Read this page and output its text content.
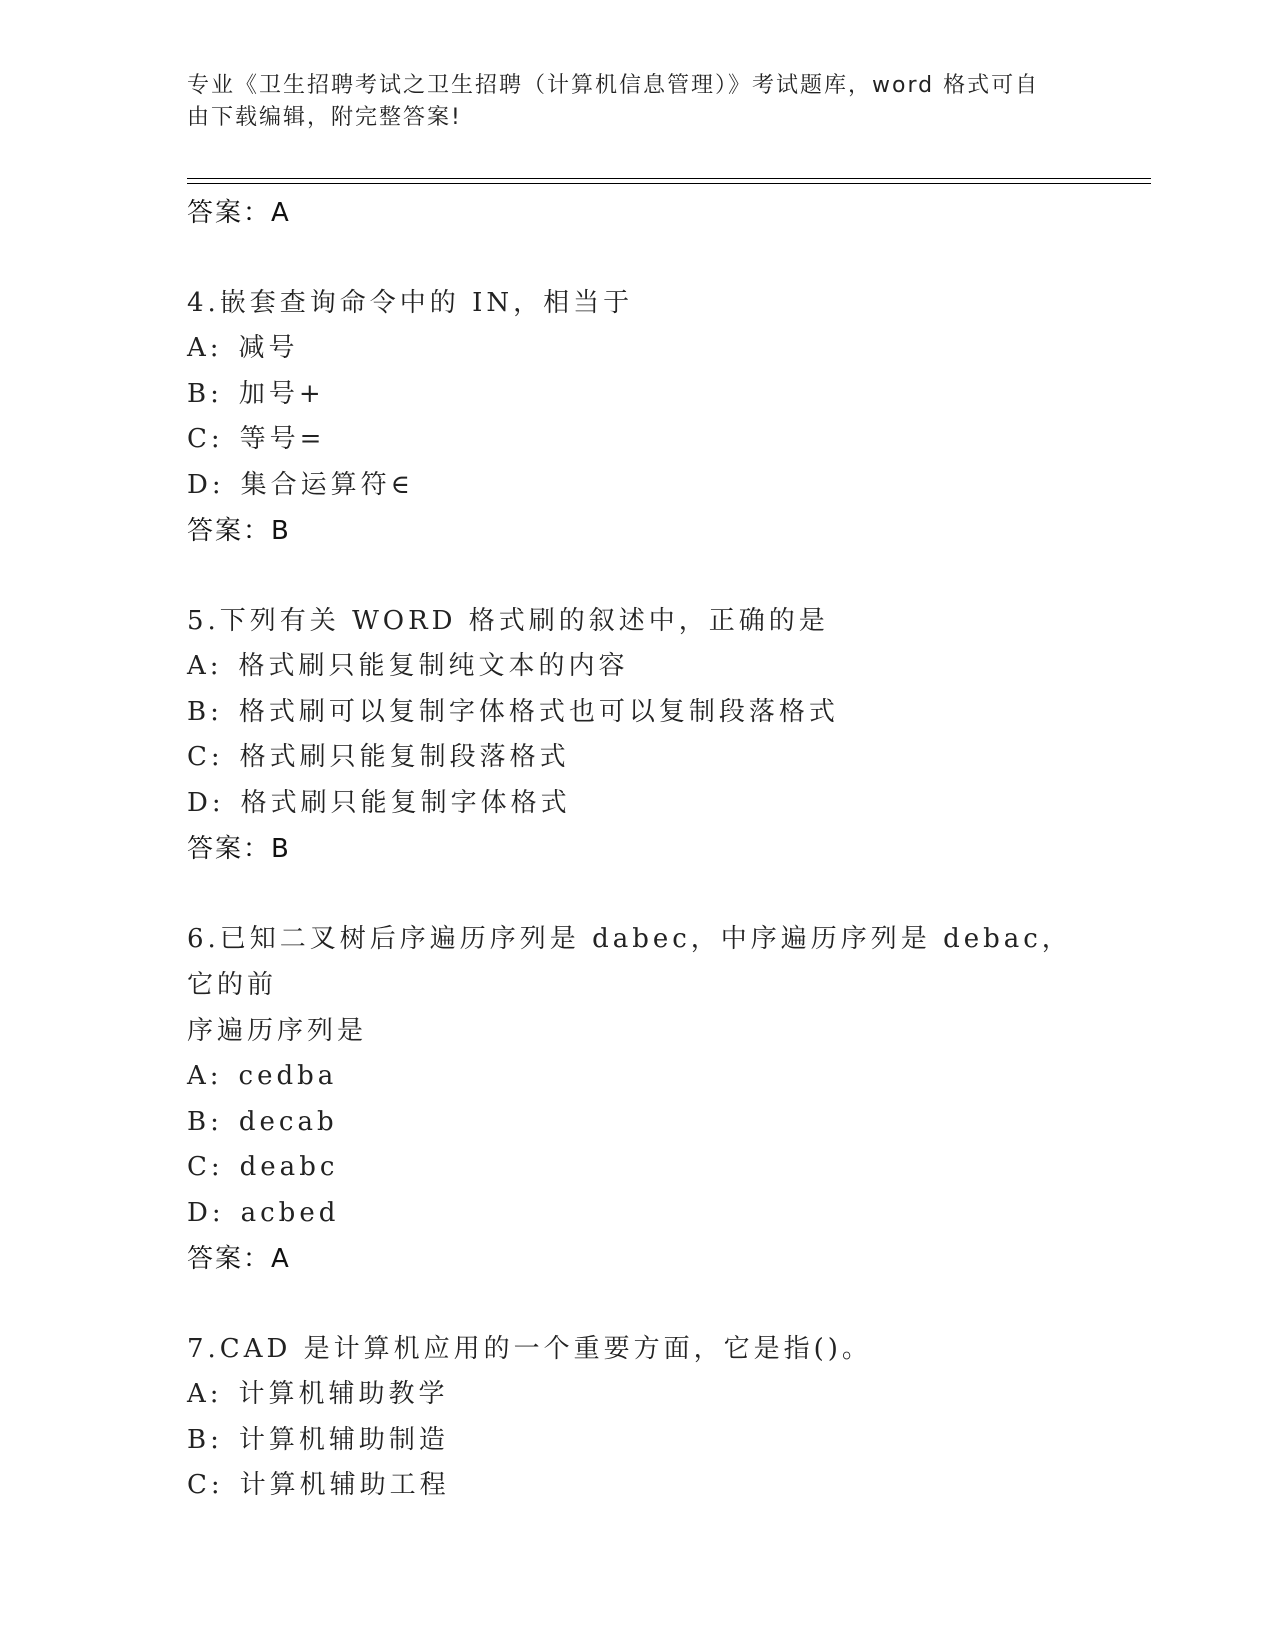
专业《卫生招聘考试之卫生招聘（计算机信息管理）》考试题库，word 格式可自
由下载编辑，附完整答案!

答案：A

4.嵌套查询命令中的 IN，相当于

A: 减号

B: 加号+

C: 等号=

D: 集合运算符∈

答案：B

5.下列有关 WORD 格式刷的叙述中，正确的是

A: 格式刷只能复制纯文本的内容

B: 格式刷可以复制字体格式也可以复制段落格式

C: 格式刷只能复制段落格式

D: 格式刷只能复制字体格式

答案：B

6.已知二叉树后序遍历序列是 dabec，中序遍历序列是 debac，它的前

序遍历序列是

A: cedba

B: decab

C: deabc

D: acbed

答案：A

7.CAD 是计算机应用的一个重要方面，它是指()。

A: 计算机辅助教学

B: 计算机辅助制造

C: 计算机辅助工程
